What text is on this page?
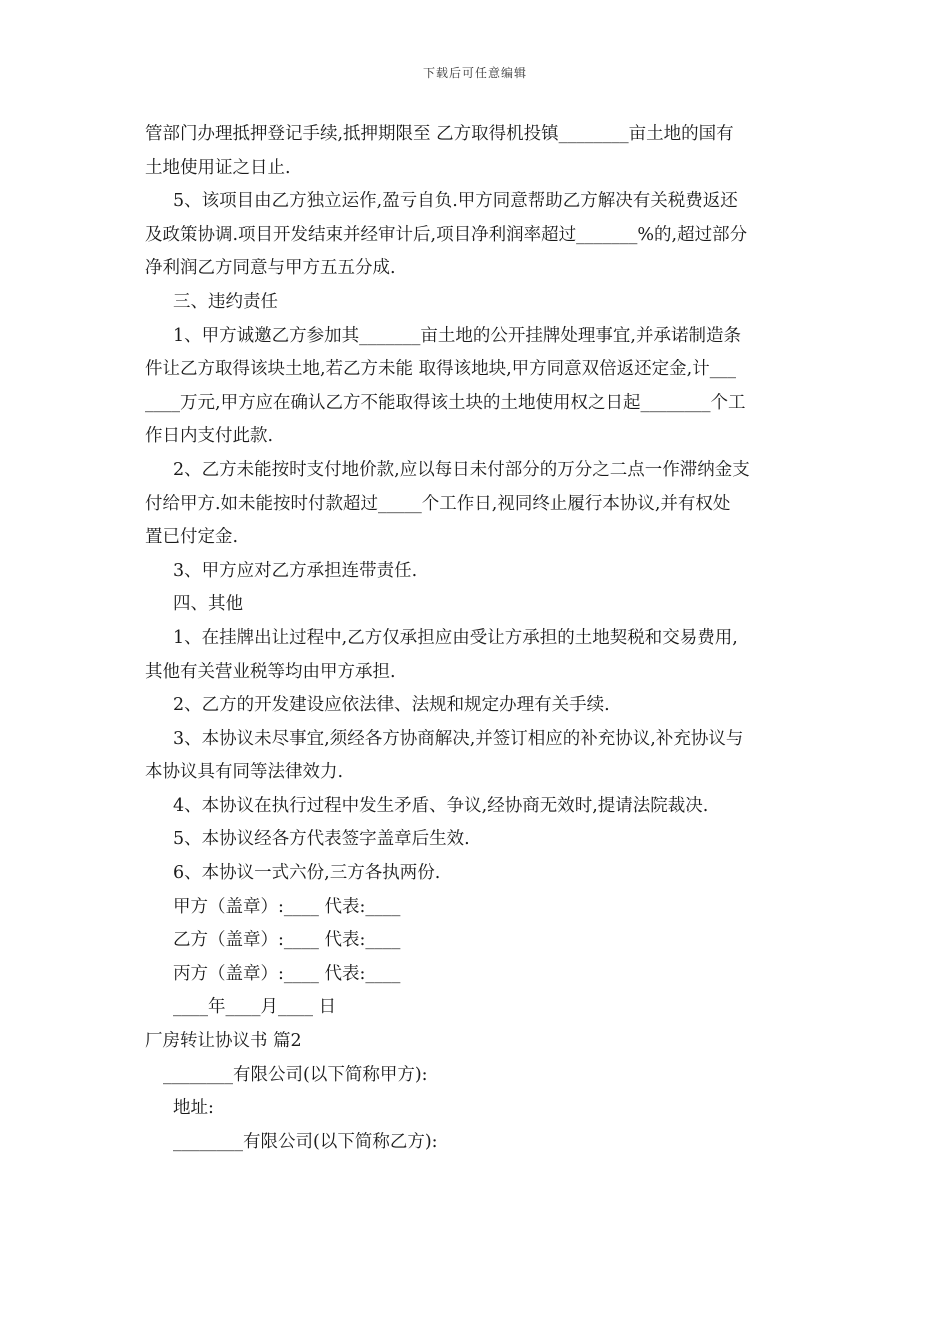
下载后可任意编辑
管部门办理抵押登记手续,抵押期限至 乙方取得机投镇________亩土地的国有
土地使用证之日止.
5、该项目由乙方独立运作,盈亏自负.甲方同意帮助乙方解决有关税费返还
及政策协调.项目开发结束并经审计后,项目净利润率超过_______%的,超过部分
净利润乙方同意与甲方五五分成.
三、违约责任
1、甲方诚邀乙方参加其_______亩土地的公开挂牌处理事宜,并承诺制造条
件让乙方取得该块土地,若乙方未能 取得该地块,甲方同意双倍返还定金,计___
____万元,甲方应在确认乙方不能取得该土块的土地使用权之日起________个工
作日内支付此款.
2、乙方未能按时支付地价款,应以每日未付部分的万分之二点一作滞纳金支
付给甲方.如未能按时付款超过_____个工作日,视同终止履行本协议,并有权处
置已付定金.
3、甲方应对乙方承担连带责任.
四、其他
1、在挂牌出让过程中,乙方仅承担应由受让方承担的土地契税和交易费用,
其他有关营业税等均由甲方承担.
2、乙方的开发建设应依法律、法规和规定办理有关手续.
3、本协议未尽事宜,须经各方协商解决,并签订相应的补充协议,补充协议与
本协议具有同等法律效力.
4、本协议在执行过程中发生矛盾、争议,经协商无效时,提请法院裁决.
5、本协议经各方代表签字盖章后生效.
6、本协议一式六份,三方各执两份.
甲方（盖章）:____ 代表:____
乙方（盖章）:____ 代表:____
丙方（盖章）:____ 代表:____
____年____月____ 日
厂房转让协议书 篇2
________有限公司(以下简称甲方):
地址:
________有限公司(以下简称乙方):
